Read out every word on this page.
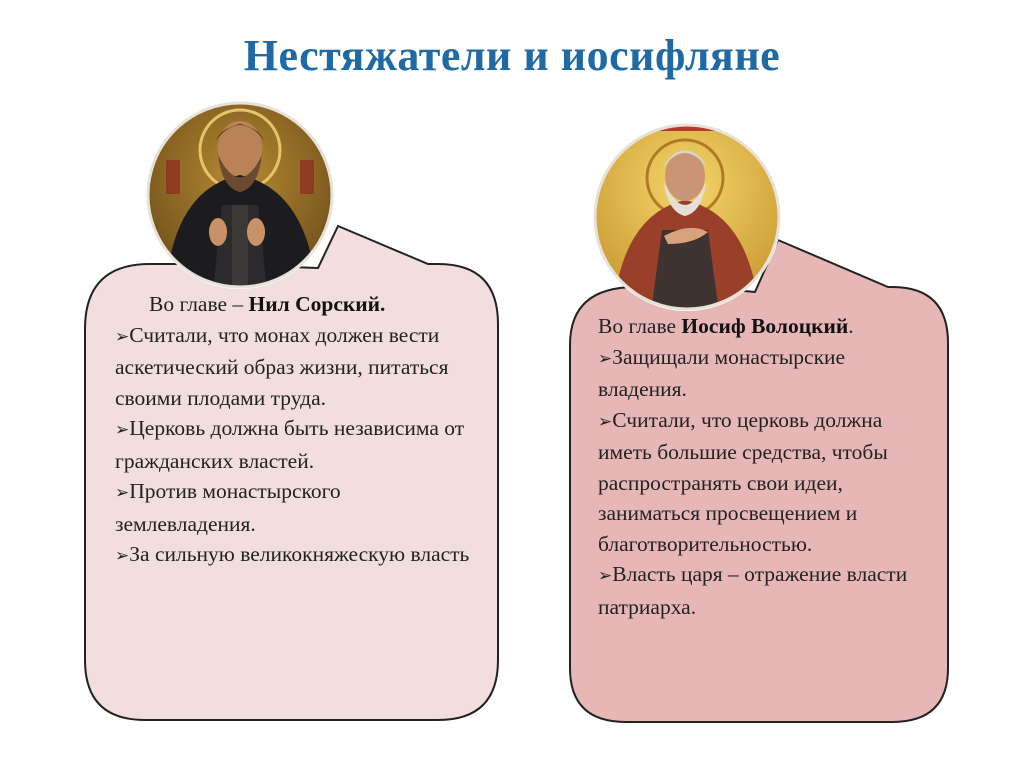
Нестяжатели и иосифляне

Во главе – Нил Сорский.

➢Считали, что монах должен вести аскетический образ жизни, питаться своими плодами труда.

➢Церковь должна быть независима от гражданских властей.

➢Против монастырского землевладения.

➢За сильную великокняжескую власть

Во главе Иосиф Волоцкий.

➢Защищали монастырские владения.

➢Считали, что церковь должна иметь большие средства, чтобы распространять свои идеи, заниматься просвещением и благотворительностью.

➢Власть царя – отражение власти патриарха.
